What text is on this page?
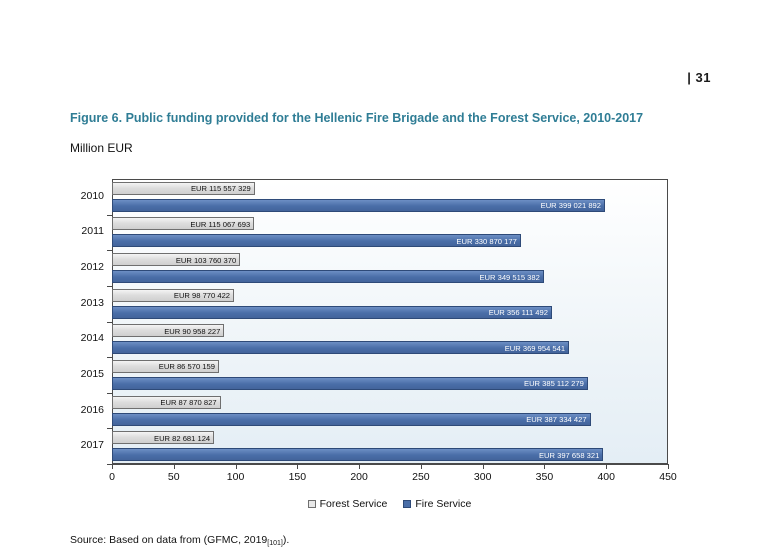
| 31
Figure 6. Public funding provided for the Hellenic Fire Brigade and the Forest Service, 2010-2017
Million EUR
2010
EUR 115 557 329
EUR 399 021 892
2011
EUR 115 067 693
EUR 330 870 177
2012
EUR 103 760 370
EUR 349 515 382
2013
EUR 98 770 422
EUR 356 111 492
2014
EUR 90 958 227
EUR 369 954 541
2015
EUR 86 570 159
EUR 385 112 279
2016
EUR 87 870 827
EUR 387 334 427
2017
EUR 82 681 124
EUR 397 658 321
0	50	100	150	200	250	300	350	400	450
Forest Service	Fire Service
Source: Based on data from (GFMC, $2019_{[101]}$).
